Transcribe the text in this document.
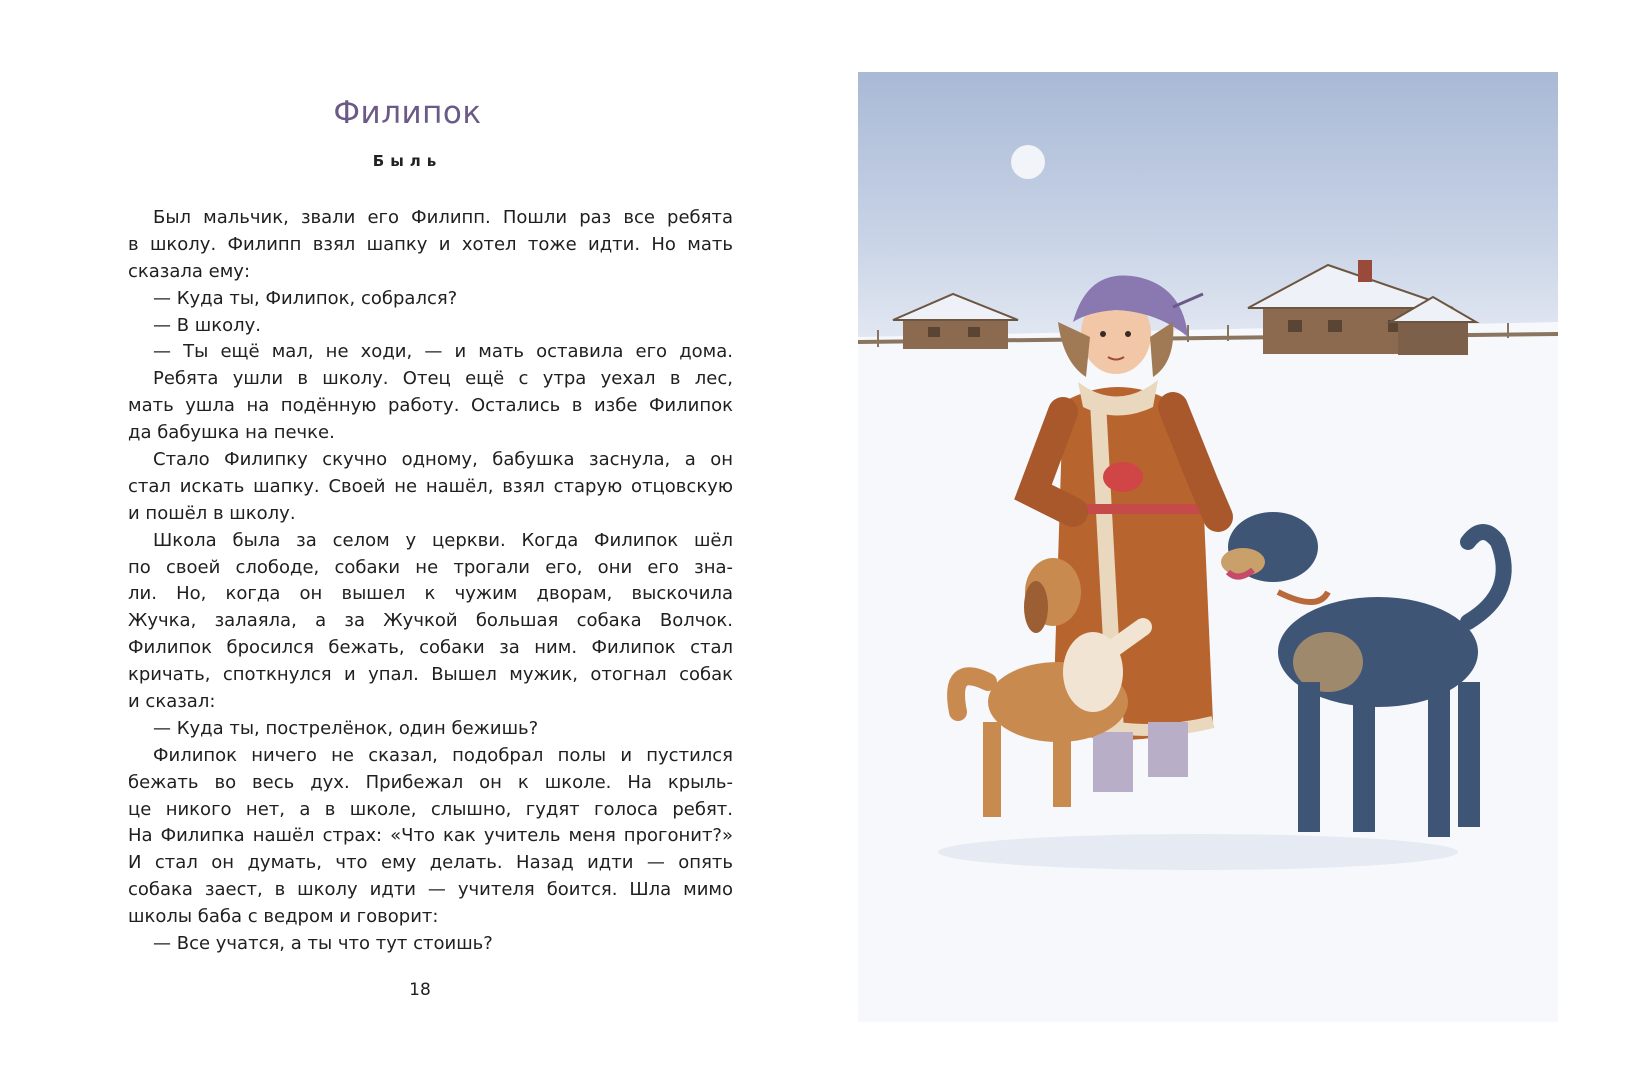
Филипок
Быль
Был мальчик, звали его Филипп. Пошли раз все ребята
в школу. Филипп взял шапку и хотел тоже идти. Но мать
сказала ему:
— Куда ты, Филипок, собрался?
— В школу.
— Ты ещё мал, не ходи, — и мать оставила его дома.
Ребята ушли в школу. Отец ещё с утра уехал в лес,
мать ушла на подённую работу. Остались в избе Филипок
да бабушка на печке.
Стало Филипку скучно одному, бабушка заснула, а он
стал искать шапку. Своей не нашёл, взял старую отцовскую
и пошёл в школу.
Школа была за селом у церкви. Когда Филипок шёл
по своей слободе, собаки не трогали его, они его зна-
ли. Но, когда он вышел к чужим дворам, выскочила
Жучка, залаяла, а за Жучкой большая собака Волчок.
Филипок бросился бежать, собаки за ним. Филипок стал
кричать, споткнулся и упал. Вышел мужик, отогнал собак
и сказал:
— Куда ты, пострелёнок, один бежишь?
Филипок ничего не сказал, подобрал полы и пустился
бежать во весь дух. Прибежал он к школе. На крыль-
це никого нет, а в школе, слышно, гудят голоса ребят.
На Филипка нашёл страх: «Что как учитель меня прогонит?»
И стал он думать, что ему делать. Назад идти — опять
собака заест, в школу идти — учителя боится. Шла мимо
школы баба с ведром и говорит:
— Все учатся, а ты что тут стоишь?
18
